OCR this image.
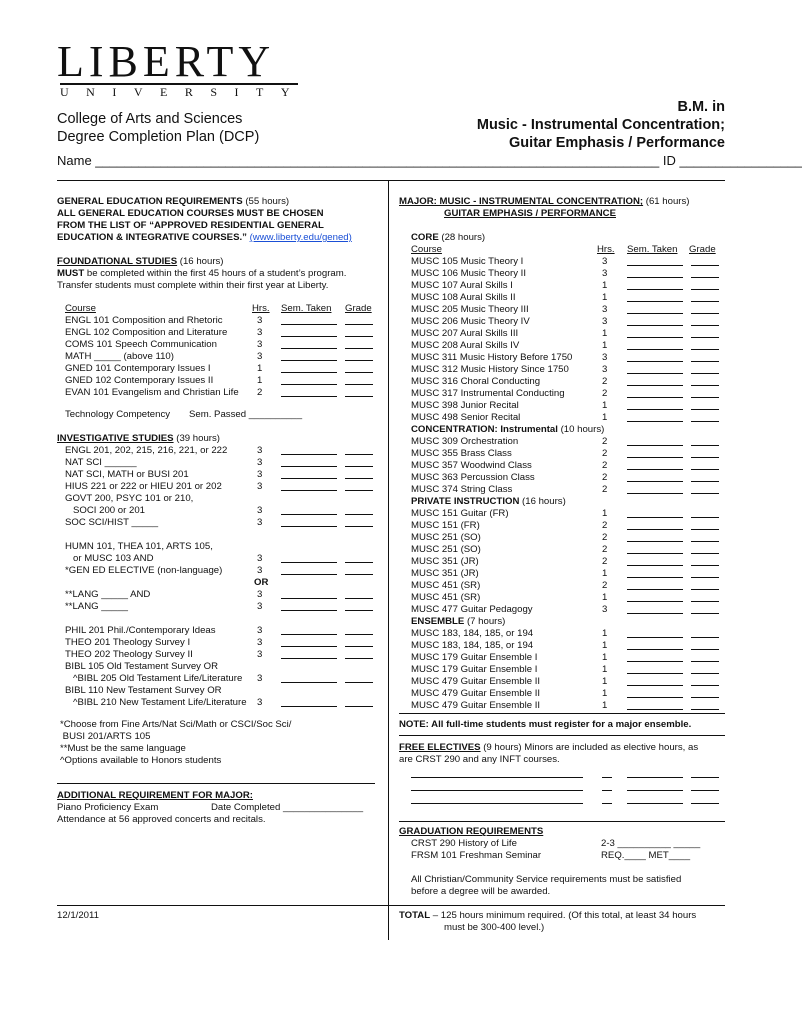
LIBERTY
UNIVERSITY
College of Arts and Sciences
Degree Completion Plan (DCP)
B.M. in
Music - Instrumental Concentration;
Guitar Emphasis / Performance
Name ______________________________________________________________________________ ID _________________
GENERAL EDUCATION REQUIREMENTS (55 hours)
ALL GENERAL EDUCATION COURSES MUST BE CHOSEN
FROM THE LIST OF “APPROVED RESIDENTIAL GENERAL
EDUCATION & INTEGRATIVE COURSES.” (www.liberty.edu/gened)
FOUNDATIONAL STUDIES (16 hours)
MUST be completed within the first 45 hours of a student’s program.
Transfer students must complete within their first year at Liberty.
Course	Hrs. Sem. Taken Grade
ENGL 101 Composition and Rhetoric	3
ENGL 102 Composition and Literature	3
COMS 101 Speech Communication	3
MATH _____ (above 110)	3
GNED 101 Contemporary Issues I	1
GNED 102 Contemporary Issues II	1
EVAN 101 Evangelism and Christian Life 2
Technology Competency Sem. Passed __________
INVESTIGATIVE STUDIES (39 hours)
ENGL 201, 202, 215, 216, 221, or 222	3
NAT SCI ______	3
NAT SCI, MATH or BUSI 201	3
HIUS 221 or 222 or HIEU 201 or 202	3
GOVT 200, PSYC 101 or 210,
SOCI 200 or 201	3
SOC SCI/HIST _____	3
HUMN 101, THEA 101, ARTS 105,
or MUSC 103 AND	3
*GEN ED ELECTIVE (non-language)	3
OR
**LANG _____ AND	3
**LANG _____	3
PHIL 201 Phil./Contemporary Ideas	3
THEO 201 Theology Survey I	3
THEO 202 Theology Survey II	3
BIBL 105 Old Testament Survey OR
^BIBL 205 Old Testament Life/Literature 3
BIBL 110 New Testament Survey OR
^BIBL 210 New Testament Life/Literature 3
*Choose from Fine Arts/Nat Sci/Math or CSCI/Soc Sci/
BUSI 201/ARTS 105
**Must be the same language
^Options available to Honors students
ADDITIONAL REQUIREMENT FOR MAJOR:
Piano Proficiency Exam	Date Completed _______________
Attendance at 56 approved concerts and recitals.
12/1/2011
MAJOR: MUSIC - INSTRUMENTAL CONCENTRATION; (61 hours)
GUITAR EMPHASIS / PERFORMANCE
CORE (28 hours)
Course	Hrs. Sem. Taken Grade
MUSC 105 Music Theory I	3
MUSC 106 Music Theory II	3
MUSC 107 Aural Skills I	1
MUSC 108 Aural Skills II	1
MUSC 205 Music Theory III	3
MUSC 206 Music Theory IV	3
MUSC 207 Aural Skills III	1
MUSC 208 Aural Skills IV	1
MUSC 311 Music History Before 1750	3
MUSC 312 Music History Since 1750	3
MUSC 316 Choral Conducting	2
MUSC 317 Instrumental Conducting	2
MUSC 398 Junior Recital	1
MUSC 498 Senior Recital	1
CONCENTRATION: Instrumental (10 hours)
MUSC 309 Orchestration	2
MUSC 355 Brass Class	2
MUSC 357 Woodwind Class	2
MUSC 363 Percussion Class	2
MUSC 374 String Class	2
PRIVATE INSTRUCTION (16 hours)
MUSC 151 Guitar (FR)	1
MUSC 151 (FR)	2
MUSC 251 (SO)	2
MUSC 251 (SO)	2
MUSC 351 (JR)	2
MUSC 351 (JR)	1
MUSC 451 (SR)	2
MUSC 451 (SR)	1
MUSC 477 Guitar Pedagogy	3
ENSEMBLE (7 hours)
MUSC 183, 184, 185, or 194	1
MUSC 183, 184, 185, or 194	1
MUSC 179 Guitar Ensemble I	1
MUSC 179 Guitar Ensemble I	1
MUSC 479 Guitar Ensemble II	1
MUSC 479 Guitar Ensemble II	1
MUSC 479 Guitar Ensemble II	1
NOTE: All full-time students must register for a major ensemble.
FREE ELECTIVES (9 hours) Minors are included as elective hours, as
are CRST 290 and any INFT courses.
GRADUATION REQUIREMENTS
CRST 290 History of Life	2-3 __________ _____
FRSM 101 Freshman Seminar	REQ.____ MET____
All Christian/Community Service requirements must be satisfied
before a degree will be awarded.
TOTAL – 125 hours minimum required. (Of this total, at least 34 hours
must be 300-400 level.)
